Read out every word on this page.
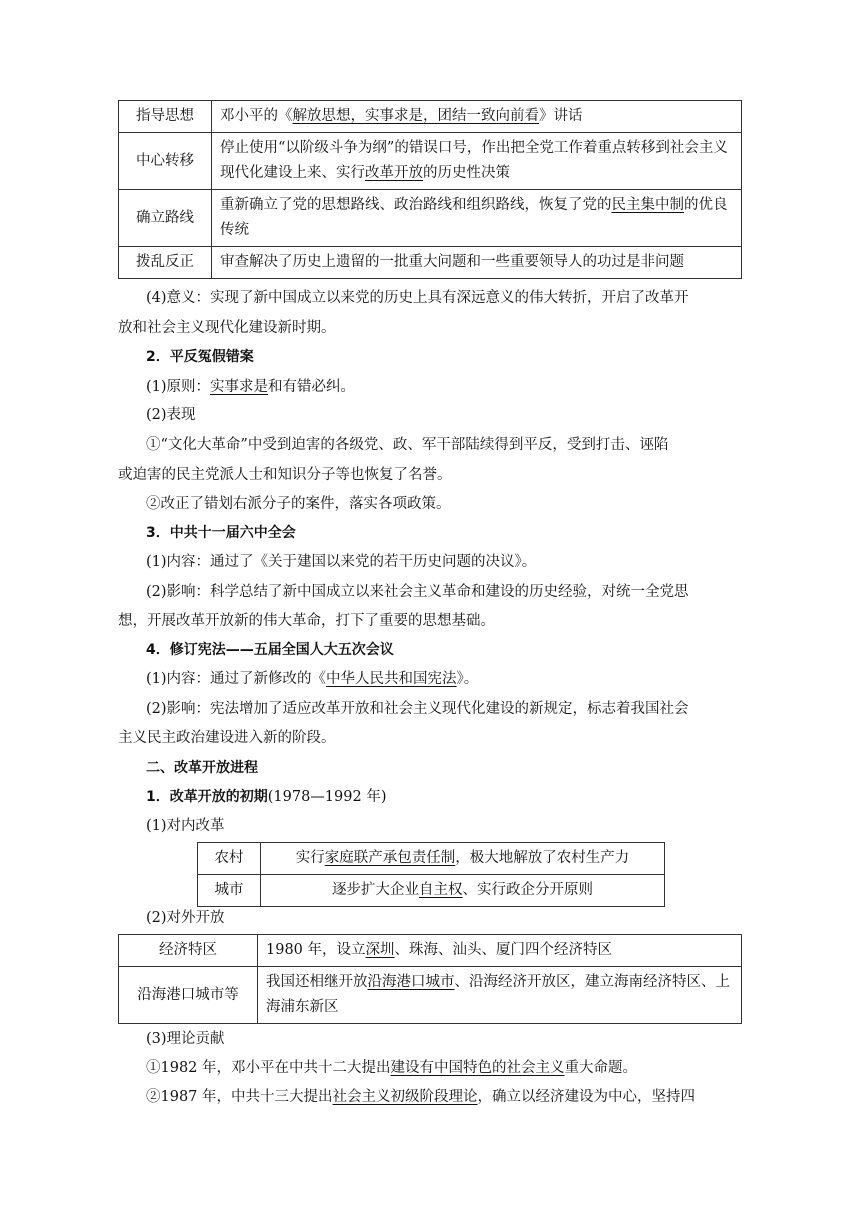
指导思想	邓小平的《解放思想，实事求是，团结一致向前看》讲话
中心转移	停止使用“以阶级斗争为纲”的错误口号，作出把全党工作着重点转移到社会主义现代化建设上来、实行改革开放的历史性决策
确立路线	重新确立了党的思想路线、政治路线和组织路线，恢复了党的民主集中制的优良传统
拨乱反正	审查解决了历史上遗留的一批重大问题和一些重要领导人的功过是非问题
(4)意义：实现了新中国成立以来党的历史上具有深远意义的伟大转折，开启了改革开
放和社会主义现代化建设新时期。
2．平反冤假错案
(1)原则：实事求是和有错必纠。
(2)表现
①“文化大革命”中受到迫害的各级党、政、军干部陆续得到平反，受到打击、诬陷
或迫害的民主党派人士和知识分子等也恢复了名誉。
②改正了错划右派分子的案件，落实各项政策。
3．中共十一届六中全会
(1)内容：通过了《关于建国以来党的若干历史问题的决议》。
(2)影响：科学总结了新中国成立以来社会主义革命和建设的历史经验，对统一全党思
想，开展改革开放新的伟大革命，打下了重要的思想基础。
4．修订宪法——五届全国人大五次会议
(1)内容：通过了新修改的《中华人民共和国宪法》。
(2)影响：宪法增加了适应改革开放和社会主义现代化建设的新规定，标志着我国社会
主义民主政治建设进入新的阶段。
二、改革开放进程
1．改革开放的初期(1978—1992 年)
(1)对内改革
农村	实行家庭联产承包责任制，极大地解放了农村生产力
城市	逐步扩大企业自主权、实行政企分开原则
(2)对外开放
经济特区	1980 年，设立深圳、珠海、汕头、厦门四个经济特区
沿海港口城市等	我国还相继开放沿海港口城市、沿海经济开放区，建立海南经济特区、上海浦东新区
(3)理论贡献
①1982 年，邓小平在中共十二大提出建设有中国特色的社会主义重大命题。
②1987 年，中共十三大提出社会主义初级阶段理论，确立以经济建设为中心，坚持四
